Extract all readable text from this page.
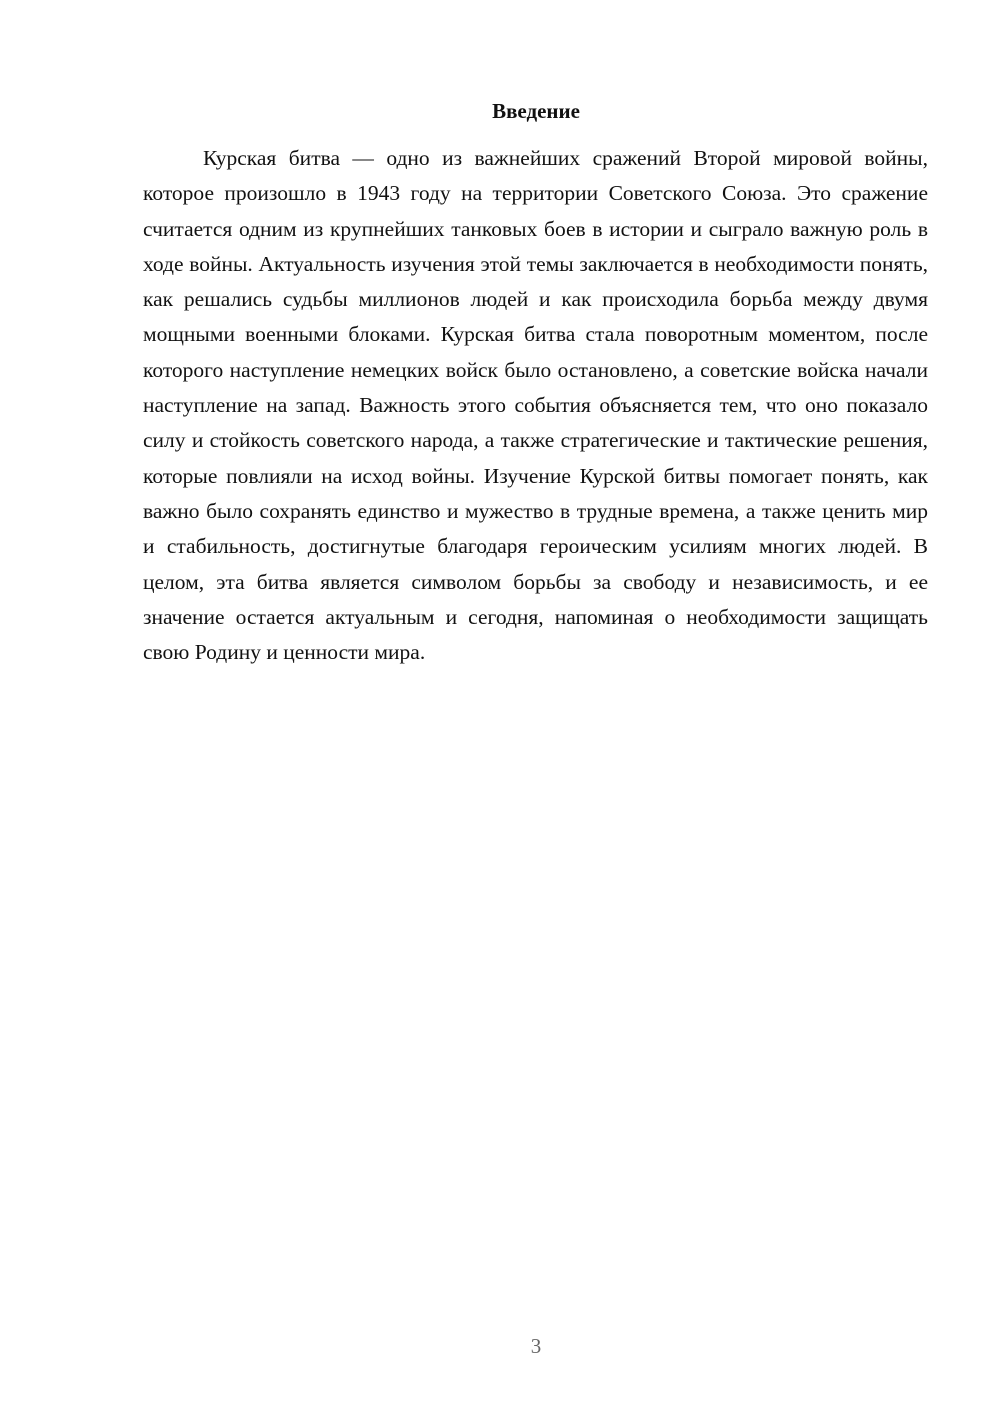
Введение

Курская битва — одно из важнейших сражений Второй мировой войны, которое произошло в 1943 году на территории Советского Союза. Это сражение считается одним из крупнейших танковых боев в истории и сыграло важную роль в ходе войны. Актуальность изучения этой темы заключается в необходимости понять, как решались судьбы миллионов людей и как происходила борьба между двумя мощными военными блоками. Курская битва стала поворотным моментом, после которого наступление немецких войск было остановлено, а советские войска начали наступление на запад. Важность этого события объясняется тем, что оно показало силу и стойкость советского народа, а также стратегические и тактические решения, которые повлияли на исход войны. Изучение Курской битвы помогает понять, как важно было сохранять единство и мужество в трудные времена, а также ценить мир и стабильность, достигнутые благодаря героическим усилиям многих людей. В целом, эта битва является символом борьбы за свободу и независимость, и ее значение остается актуальным и сегодня, напоминая о необходимости защищать свою Родину и ценности мира.

3
